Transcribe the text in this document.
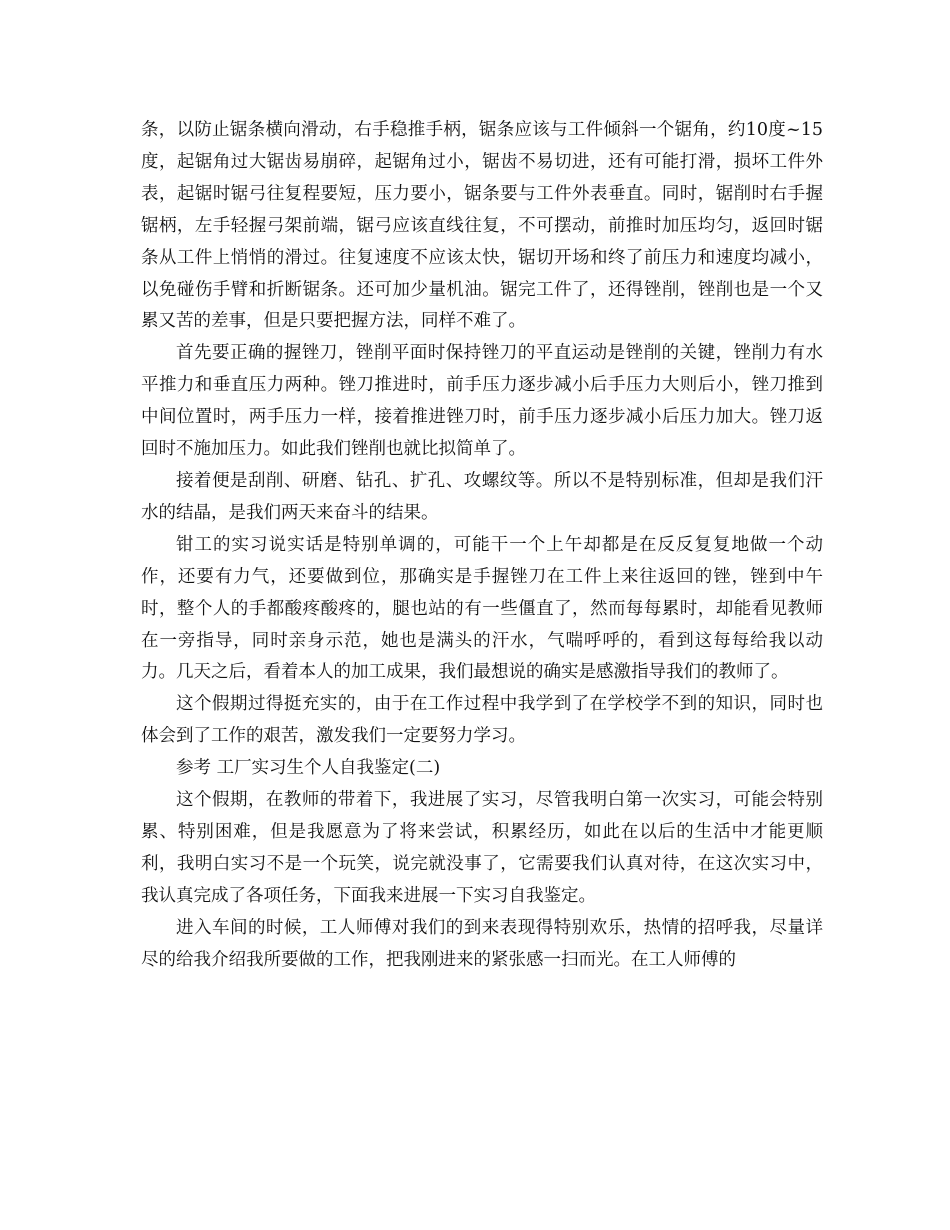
条，以防止锯条横向滑动，右手稳推手柄，锯条应该与工件倾斜一个锯角，约10度~15度，起锯角过大锯齿易崩碎，起锯角过小，锯齿不易切进，还有可能打滑，损坏工件外表，起锯时锯弓往复程要短，压力要小，锯条要与工件外表垂直。同时，锯削时右手握锯柄，左手轻握弓架前端，锯弓应该直线往复，不可摆动，前推时加压均匀，返回时锯条从工件上悄悄的滑过。往复速度不应该太快，锯切开场和终了前压力和速度均减小，以免碰伤手臂和折断锯条。还可加少量机油。锯完工件了，还得锉削，锉削也是一个又累又苦的差事，但是只要把握方法，同样不难了。

首先要正确的握锉刀，锉削平面时保持锉刀的平直运动是锉削的关键，锉削力有水平推力和垂直压力两种。锉刀推进时，前手压力逐步减小后手压力大则后小，锉刀推到中间位置时，两手压力一样，接着推进锉刀时，前手压力逐步减小后压力加大。锉刀返回时不施加压力。如此我们锉削也就比拟简单了。

接着便是刮削、研磨、钻孔、扩孔、攻螺纹等。所以不是特别标准，但却是我们汗水的结晶，是我们两天来奋斗的结果。

钳工的实习说实话是特别单调的，可能干一个上午却都是在反反复复地做一个动作，还要有力气，还要做到位，那确实是手握锉刀在工件上来往返回的锉，锉到中午时，整个人的手都酸疼酸疼的，腿也站的有一些僵直了，然而每每累时，却能看见教师在一旁指导，同时亲身示范，她也是满头的汗水，气喘呼呼的，看到这每每给我以动力。几天之后，看着本人的加工成果，我们最想说的确实是感激指导我们的教师了。

这个假期过得挺充实的，由于在工作过程中我学到了在学校学不到的知识，同时也体会到了工作的艰苦，激发我们一定要努力学习。

参考 工厂实习生个人自我鉴定(二)

这个假期，在教师的带着下，我进展了实习，尽管我明白第一次实习，可能会特别累、特别困难，但是我愿意为了将来尝试，积累经历，如此在以后的生活中才能更顺利，我明白实习不是一个玩笑，说完就没事了，它需要我们认真对待，在这次实习中，我认真完成了各项任务，下面我来进展一下实习自我鉴定。

进入车间的时候，工人师傅对我们的到来表现得特别欢乐，热情的招呼我，尽量详尽的给我介绍我所要做的工作，把我刚进来的紧张感一扫而光。在工人师傅的
